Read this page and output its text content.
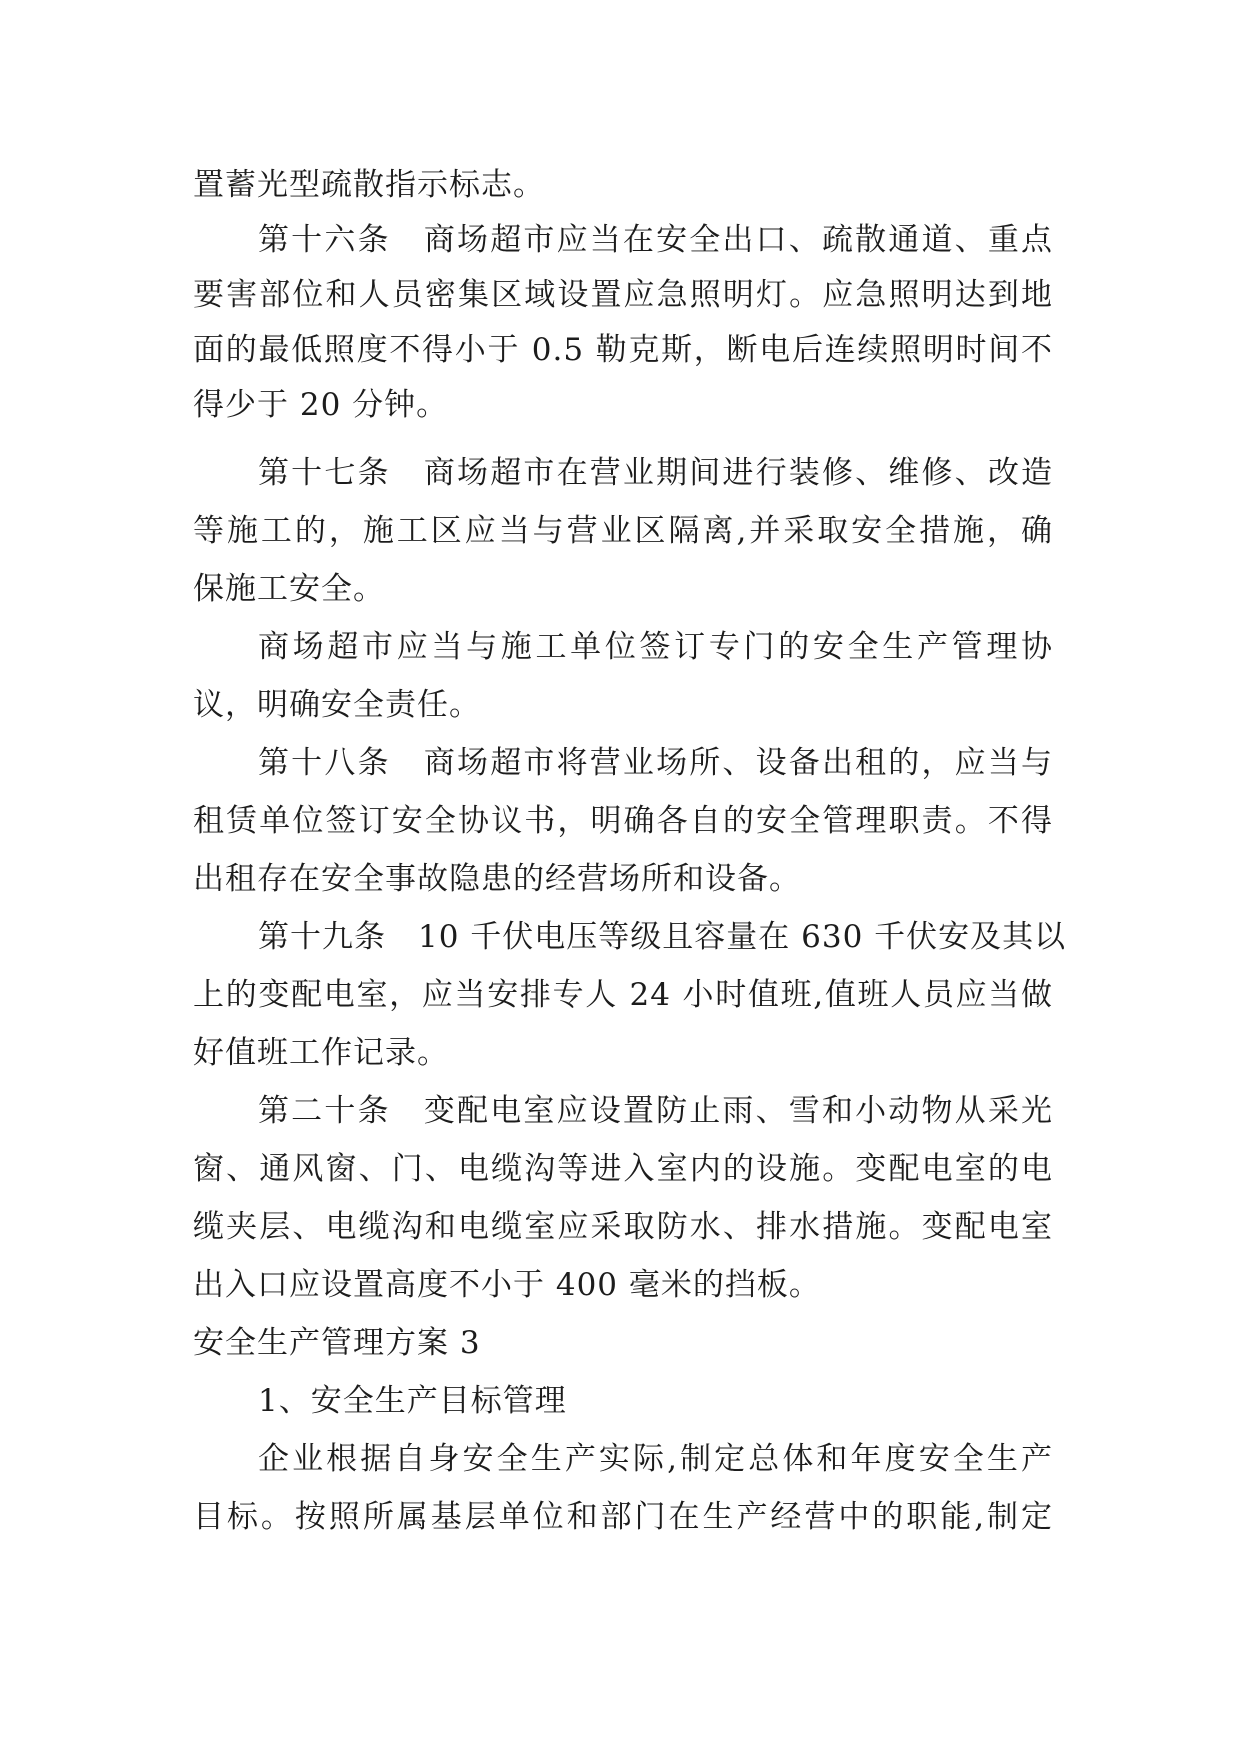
置蓄光型疏散指示标志。
第十六条　商场超市应当在安全出口、疏散通道、重点
要害部位和人员密集区域设置应急照明灯。应急照明达到地
面的最低照度不得小于 0.5 勒克斯，断电后连续照明时间不
得少于 20 分钟。
第十七条　商场超市在营业期间进行装修、维修、改造
等施工的，施工区应当与营业区隔离,并采取安全措施，确
保施工安全。
商场超市应当与施工单位签订专门的安全生产管理协
议，明确安全责任。
第十八条　商场超市将营业场所、设备出租的，应当与
租赁单位签订安全协议书，明确各自的安全管理职责。不得
出租存在安全事故隐患的经营场所和设备。
第十九条　10 千伏电压等级且容量在 630 千伏安及其以
上的变配电室，应当安排专人 24 小时值班,值班人员应当做
好值班工作记录。
第二十条　变配电室应设置防止雨、雪和小动物从采光
窗、通风窗、门、电缆沟等进入室内的设施。变配电室的电
缆夹层、电缆沟和电缆室应采取防水、排水措施。变配电室
出入口应设置高度不小于 400 毫米的挡板。
安全生产管理方案 3
1、安全生产目标管理
企业根据自身安全生产实际,制定总体和年度安全生产
目标。按照所属基层单位和部门在生产经营中的职能,制定
